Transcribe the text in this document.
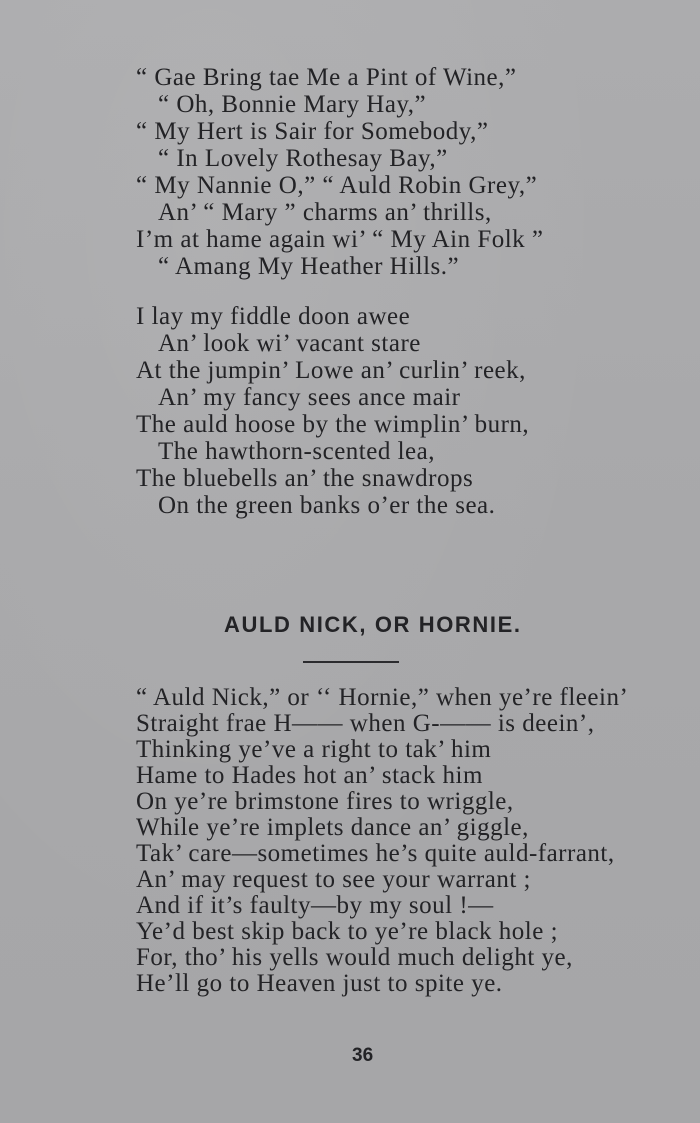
“ Gae Bring tae Me a Pint of Wine,”
“ Oh, Bonnie Mary Hay,”
“ My Hert is Sair for Somebody,”
“ In Lovely Rothesay Bay,”
“ My Nannie O,” “ Auld Robin Grey,”
An’ “ Mary ” charms an’ thrills,
I’m at hame again wi’ “ My Ain Folk ”
“ Amang My Heather Hills.”
I lay my fiddle doon awee
An’ look wi’ vacant stare
At the jumpin’ Lowe an’ curlin’ reek,
An’ my fancy sees ance mair
The auld hoose by the wimplin’ burn,
The hawthorn-scented lea,
The bluebells an’ the snawdrops
On the green banks o’er the sea.
AULD NICK, OR HORNIE.
“ Auld Nick,” or ‘‘ Hornie,” when ye’re fleein’
Straight frae H—— when G-—— is deein’,
Thinking ye’ve a right to tak’ him
Hame to Hades hot an’ stack him
On ye’re brimstone fires to wriggle,
While ye’re implets dance an’ giggle,
Tak’ care—sometimes he’s quite auld-farrant,
An’ may request to see your warrant ;
And if it’s faulty—by my soul !—
Ye’d best skip back to ye’re black hole ;
For, tho’ his yells would much delight ye,
He’ll go to Heaven just to spite ye.
36
